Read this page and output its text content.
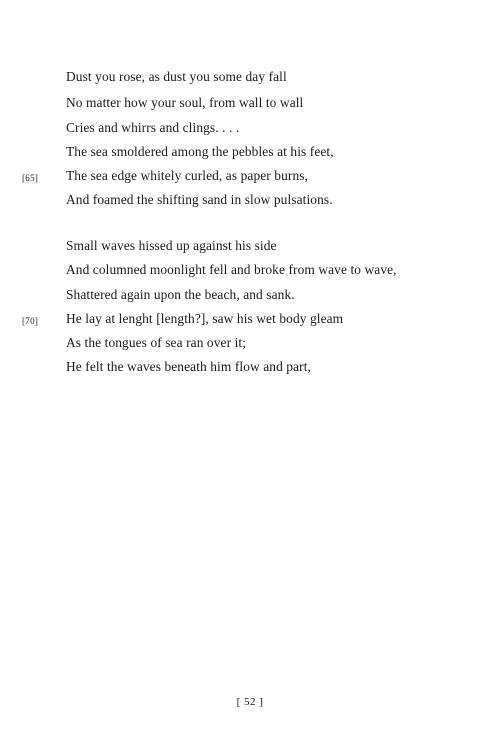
Dust you rose, as dust you some day fall
No matter how your soul, from wall to wall
Cries and whirrs and clings. . . .
The sea smoldered among the pebbles at his feet,
[65] The sea edge whitely curled, as paper burns,
And foamed the shifting sand in slow pulsations.
Small waves hissed up against his side
And columned moonlight fell and broke from wave to wave,
Shattered again upon the beach, and sank.
[70] He lay at lenght [length?], saw his wet body gleam
As the tongues of sea ran over it;
He felt the waves beneath him flow and part,
[ 52 ]
